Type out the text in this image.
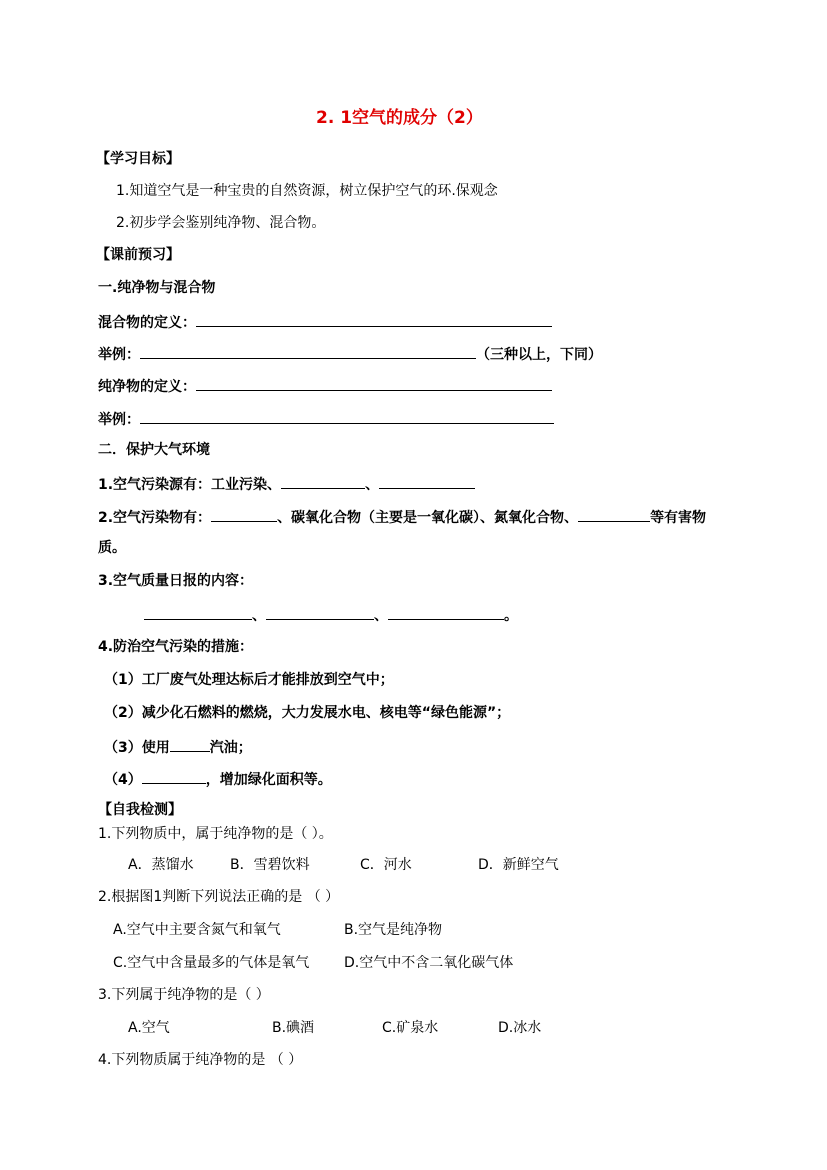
2. 1空气的成分（2）
【学习目标】
1.知道空气是一种宝贵的自然资源，树立保护空气的环.保观念
2.初步学会鉴别纯净物、混合物。
【课前预习】
一.纯净物与混合物
混合物的定义：
举例：	（三种以上，下同）
纯净物的定义：
举例：
二．保护大气环境
1.空气污染源有：工业污染、	、
2.空气污染物有：	、碳氧化合物（主要是一氧化碳）、氮氧化合物、	等有害物
质。
3.空气质量日报的内容：
、	、	。
4.防治空气污染的措施：
（1）工厂废气处理达标后才能排放到空气中；
（2）减少化石燃料的燃烧，大力发展水电、核电等“绿色能源”；
（3）使用	汽油；
（4）	，增加绿化面积等。
【自我检测】
1.下列物质中，属于纯净物的是（ ）。
A．蒸馏水	B．雪碧饮料	C．河水	D．新鲜空气
2.根据图1判断下列说法正确的是 （ ）
A.空气中主要含氮气和氧气	B.空气是纯净物
C.空气中含量最多的气体是氧气 D.空气中不含二氧化碳气体
3.下列属于纯净物的是（ ）
A.空气	B.碘酒	C.矿泉水	D.冰水
4.下列物质属于纯净物的是 （ ）
